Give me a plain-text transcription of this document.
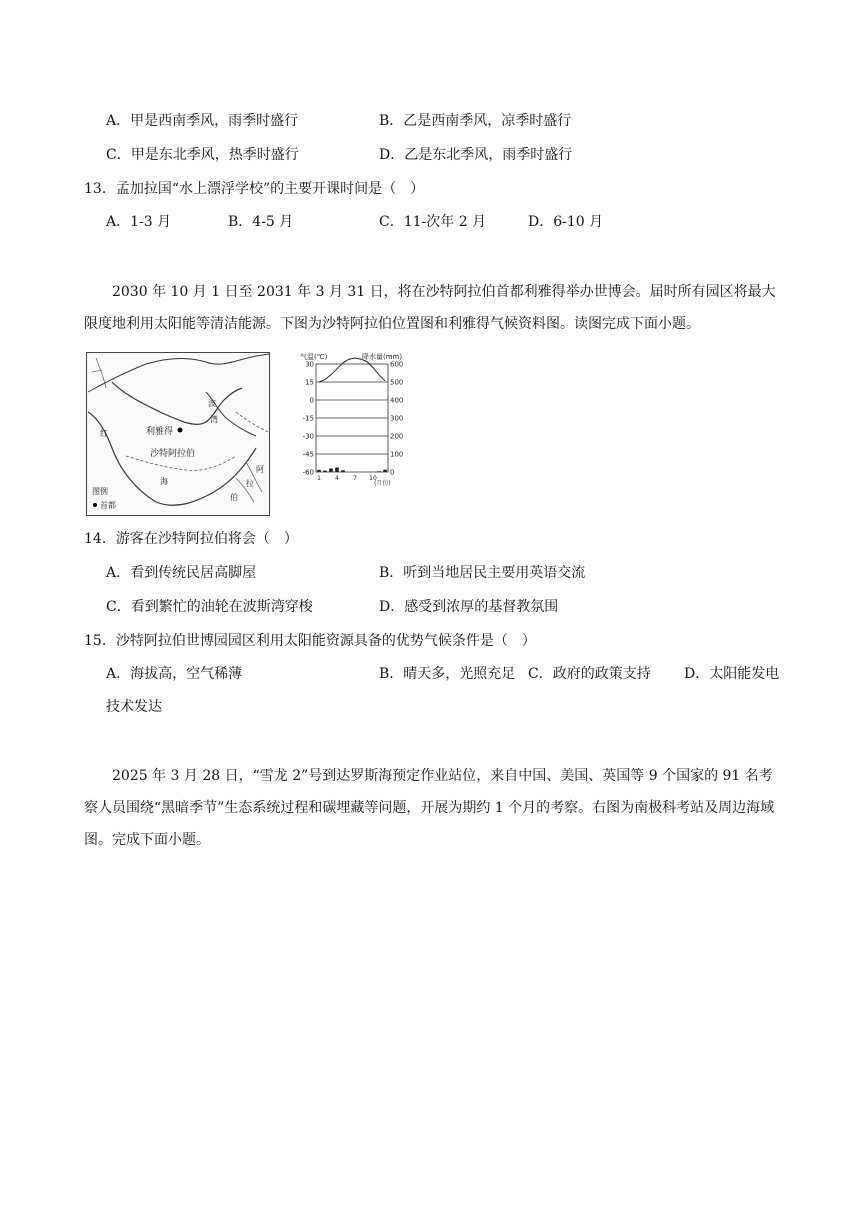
A．甲是西南季风，雨季时盛行	B．乙是西南季风，凉季时盛行
C．甲是东北季风，热季时盛行	D．乙是东北季风，雨季时盛行
13．孟加拉国“水上漂浮学校”的主要开课时间是（　）
A．1-3 月	B．4-5 月	C．11-次年 2 月	D．6-10 月
2030 年 10 月 1 日至 2031 年 3 月 31 日，将在沙特阿拉伯首都利雅得举办世博会。届时所有园区将最大限度地利用太阳能等清洁能源。下图为沙特阿拉伯位置图和利雅得气候资料图。读图完成下面小题。
利雅得
沙特阿拉伯
红
海
波
湾
阿
拉
伯
图例
首都
气温(℃)	降水量(mm)
30
15
0
-15
-30
-45
-60
600
500
400
300
200
100
0
1 4 7 10
(月份)
14．游客在沙特阿拉伯将会（　）
A．看到传统民居高脚屋	B．听到当地居民主要用英语交流
C．看到繁忙的油轮在波斯湾穿梭	D．感受到浓厚的基督教氛围
15．沙特阿拉伯世博园园区利用太阳能资源具备的优势气候条件是（　）
A．海拔高，空气稀薄	B．晴天多，光照充足 C．政府的政策支持 D．太阳能发电
技术发达
2025 年 3 月 28 日，“雪龙 2”号到达罗斯海预定作业站位，来自中国、美国、英国等 9 个国家的 91 名考察人员围绕“黑暗季节”生态系统过程和碳埋藏等问题，开展为期约 1 个月的考察。右图为南极科考站及周边海域图。完成下面小题。
